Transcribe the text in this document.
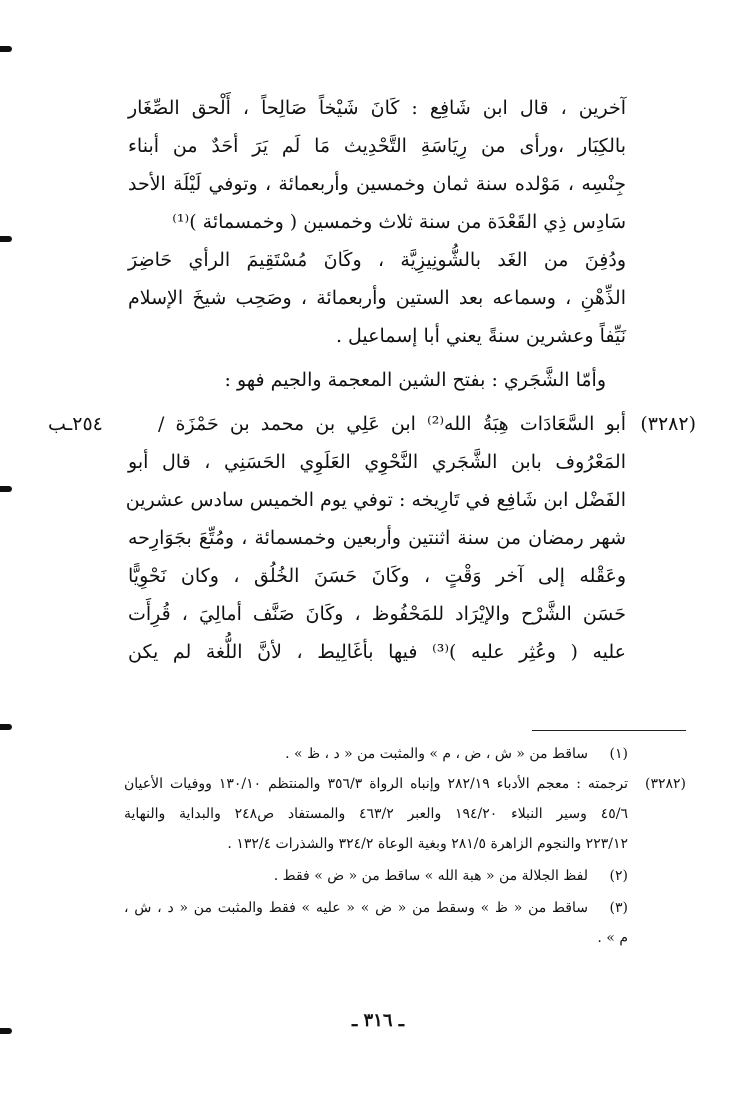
آخرين ، قال ابن شَافِع : كَانَ شَيْخاً صَالِحاً ، أَلْحق الصِّغَار
بالكِبَار ،ورأى من رِيَاسَةِ التَّحْدِيث مَا لَم يَرَ أحَدٌ من أبناء
جِنْسِه ، مَوْلده سنة ثمان وخمسين وأربعمائة ، وتوفي لَيْلَة الأحد
سَادِس ذِي القَعْدَة من سنة ثلاث وخمسين ( وخمسمائة )⁽¹⁾
ودُفِنَ من الغَد بالشُّونِيزِيَّة ، وكَانَ مُسْتَقِيمَ الرأي حَاضِرَ
الذِّهْنِ ، وسماعه بعد الستين وأربعمائة ، وصَحِب شيخَ الإسلام
نَيِّفاً وعشرين سنةً يعني أبا إسماعيل .
وأمّا الشَّجَري : بفتح الشين المعجمة والجيم فهو :
(٣٢٨٢)
٢٥٤ـب	أبو السَّعَادَات هِبَةُ الله⁽²⁾ ابن عَلِي بن محمد بن حَمْزَة /
المَعْرُوف بابن الشَّجَري النَّحْوِي العَلَوِي الحَسَنِي ، قال أبو
الفَضْل ابن شَافِع في تَارِيخه : توفي يوم الخميس سادس عشرين
شهر رمضان من سنة اثنتين وأربعين وخمسمائة ، ومُتِّعَ بجَوَارِحه
وعَقْله إلى آخر وَقْتٍ ، وكَانَ حَسَنَ الخُلُق ، وكان نَحْوِيًّا
حَسَن الشَّرْح والإيْرَاد للمَحْفُوظ ، وكَانَ صَنَّف أمالِيَ ، قُرِأَت
عليه ( وعُثِر عليه )⁽³⁾ فيها بأغَالِيط ، لأنَّ اللُّغة لم يكن
(١)
ساقط من « ش ، ض ، م » والمثبت من « د ، ظ » .
(٣٢٨٢)
ترجمته : معجم الأدباء ٢٨٢/١٩ وإنباه الرواة ٣٥٦/٣ والمنتظم ١٣٠/١٠ ووفيات الأعيان
٤٥/٦ وسير النبلاء ١٩٤/٢٠ والعبر ٤٦٣/٢ والمستفاد ص٢٤٨ والبداية والنهاية
٢٢٣/١٢ والنجوم الزاهرة ٢٨١/٥ وبغية الوعاة ٣٢٤/٢ والشذرات ١٣٢/٤ .
(٢)
لفظ الجلالة من « هبة الله » ساقط من « ض » فقط .
(٣)
ساقط من « ظ » وسقط من « ض » « عليه » فقط والمثبت من « د ، ش ،
م » .
ـ ٣١٦ ـ
